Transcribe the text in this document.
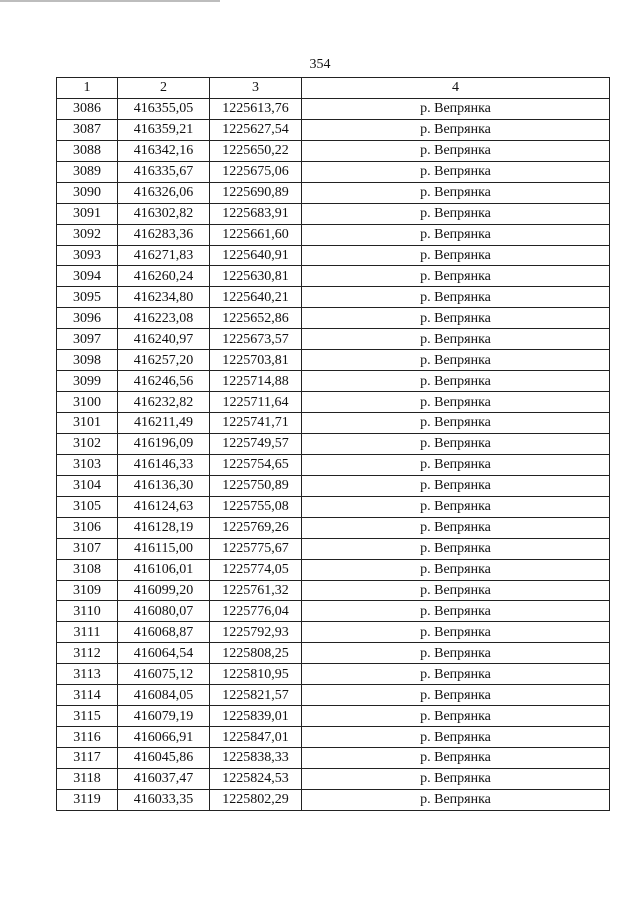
354
1	2	3	4
3086	416355,05	1225613,76	р. Вепрянка
3087	416359,21	1225627,54	р. Вепрянка
3088	416342,16	1225650,22	р. Вепрянка
3089	416335,67	1225675,06	р. Вепрянка
3090	416326,06	1225690,89	р. Вепрянка
3091	416302,82	1225683,91	р. Вепрянка
3092	416283,36	1225661,60	р. Вепрянка
3093	416271,83	1225640,91	р. Вепрянка
3094	416260,24	1225630,81	р. Вепрянка
3095	416234,80	1225640,21	р. Вепрянка
3096	416223,08	1225652,86	р. Вепрянка
3097	416240,97	1225673,57	р. Вепрянка
3098	416257,20	1225703,81	р. Вепрянка
3099	416246,56	1225714,88	р. Вепрянка
3100	416232,82	1225711,64	р. Вепрянка
3101	416211,49	1225741,71	р. Вепрянка
3102	416196,09	1225749,57	р. Вепрянка
3103	416146,33	1225754,65	р. Вепрянка
3104	416136,30	1225750,89	р. Вепрянка
3105	416124,63	1225755,08	р. Вепрянка
3106	416128,19	1225769,26	р. Вепрянка
3107	416115,00	1225775,67	р. Вепрянка
3108	416106,01	1225774,05	р. Вепрянка
3109	416099,20	1225761,32	р. Вепрянка
3110	416080,07	1225776,04	р. Вепрянка
3111	416068,87	1225792,93	р. Вепрянка
3112	416064,54	1225808,25	р. Вепрянка
3113	416075,12	1225810,95	р. Вепрянка
3114	416084,05	1225821,57	р. Вепрянка
3115	416079,19	1225839,01	р. Вепрянка
3116	416066,91	1225847,01	р. Вепрянка
3117	416045,86	1225838,33	р. Вепрянка
3118	416037,47	1225824,53	р. Вепрянка
3119	416033,35	1225802,29	р. Вепрянка
